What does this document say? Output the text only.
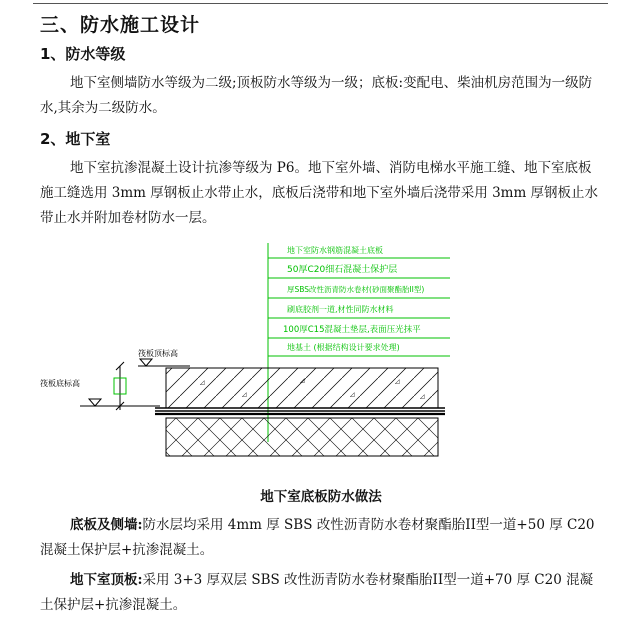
三、防水施工设计
1、防水等级

地下室侧墙防水等级为二级;顶板防水等级为一级；底板:变配电、柴油机房范围为一级防水,其余为二级防水。

2、地下室

地下室抗渗混凝土设计抗渗等级为 P6。地下室外墙、消防电梯水平施工缝、地下室底板施工缝选用 3mm 厚钢板止水带止水，底板后浇带和地下室外墙后浇带采用 3mm 厚钢板止水带止水并附加卷材防水一层。

地下室防水钢筋混凝土底板
50厚C20细石混凝土保护层
厚SBS改性沥青防水卷材(砂面聚酯胎II型)
刷底胶剂一道,材性同防水材料
100厚C15混凝土垫层,表面压光抹平
地基土 (根据结构设计要求处理)
◿
◿
◿
◿
◿
◿
筏板顶标高
筏板底标高
地下室底板防水做法

底板及侧墙:防水层均采用 4mm 厚 SBS 改性沥青防水卷材聚酯胎II型一道+50 厚 C20 混凝土保护层+抗渗混凝土。

地下室顶板:采用 3+3 厚双层 SBS 改性沥青防水卷材聚酯胎II型一道+70 厚 C20 混凝土保护层+抗渗混凝土。
